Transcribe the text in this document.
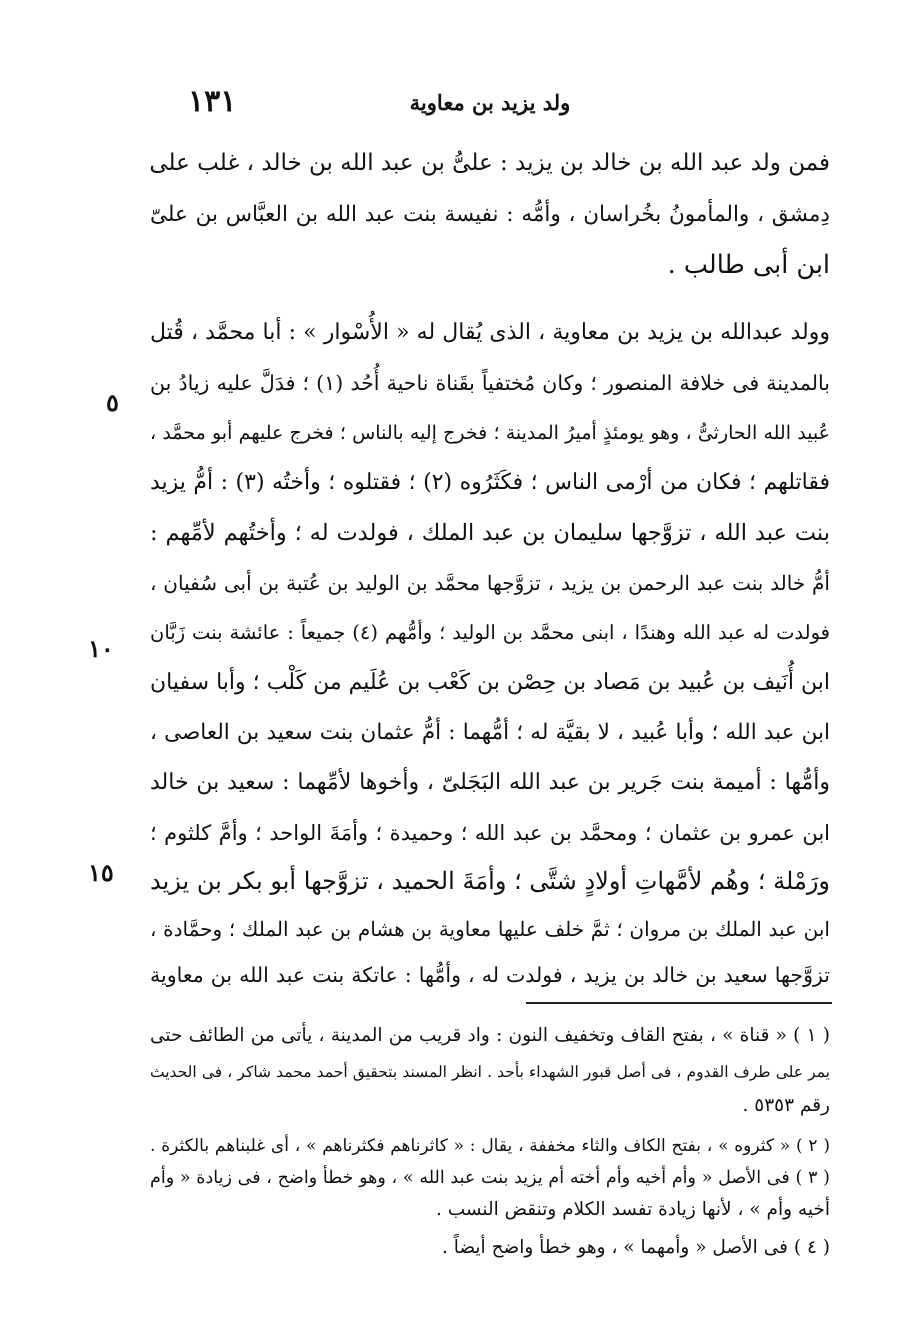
١٣١	ولد يزيد بن معاوية
فمن ولد عبد الله بن خالد بن يزيد : علىُّ بن عبد الله بن خالد ، غلب على
دِمشق ، والمأمونُ بخُراسان ، وأمُّه : نفيسة بنت عبد الله بن العبَّاس بن علىّ
ابن أبى طالب .
وولد عبدالله بن يزيد بن معاوية ، الذى يُقال له « الأُسْوار » : أبا محمَّد ، قُتل
بالمدينة فى خلافة المنصور ؛ وكان مُختفياً بقَناة ناحية أُحُد (١) ؛ فدَلَّ عليه زيادُ بن
عُبيد الله الحارثىُّ ، وهو يومئذٍ أميرُ المدينة ؛ فخرج إليه بالناس ؛ فخرج عليهم أبو محمَّد ،
فقاتلهم ؛ فكان من أرْمى الناس ؛ فكَثَرُوه (٢) ؛ فقتلوه ؛ وأختُه (٣) : أمُّ يزيد
بنت عبد الله ، تزوَّجها سليمان بن عبد الملك ، فولدت له ؛ وأختُهم لأمِّهم :
أمُّ خالد بنت عبد الرحمن بن يزيد ، تزوَّجها محمَّد بن الوليد بن عُتبة بن أبى سُفيان ،
فولدت له عبد الله وهندًا ، ابنى محمَّد بن الوليد ؛ وأمُّهم (٤) جميعاً : عائشة بنت زَبَّان
ابن أُنَيف بن عُبيد بن مَصاد بن حِصْن بن كَعْب بن عُلَيم من كَلْب ؛ وأبا سفيان
ابن عبد الله ؛ وأبا عُبيد ، لا بقيَّة له ؛ أمُّهما : أمُّ عثمان بنت سعيد بن العاصى ،
وأمُّها : أميمة بنت جَرير بن عبد الله البَجَلىّ ، وأخوها لأمِّهما : سعيد بن خالد
ابن عمرو بن عثمان ؛ ومحمَّد بن عبد الله ؛ وحميدة ؛ وأمَةَ الواحد ؛ وأمَّ كلثوم ؛
ورَمْلة ؛ وهُم لأمَّهاتِ أولادٍ شتَّى ؛ وأمَةَ الحميد ، تزوَّجها أبو بكر بن يزيد
ابن عبد الملك بن مروان ؛ ثمَّ خلف عليها معاوية بن هشام بن عبد الملك ؛ وحمَّادة ،
تزوَّجها سعيد بن خالد بن يزيد ، فولدت له ، وأمُّها : عاتكة بنت عبد الله بن معاوية
٥
١٠
١٥
( ١ ) « قناة » ، بفتح القاف وتخفيف النون : واد قريب من المدينة ، يأتى من الطائف حتى
يمر على طرف القدوم ، فى أصل قبور الشهداء بأحد . انظر المسند بتحقيق أحمد محمد شاكر ، فى الحديث
رقم ٥٣٥٣ .
( ٢ ) « كثروه » ، بفتح الكاف والثاء مخففة ، يقال : « كاثرناهم فكثرناهم » ، أى غلبناهم بالكثرة .
( ٣ ) فى الأصل « وأم أخيه وأم أخته أم يزيد بنت عبد الله » ، وهو خطأ واضح ، فى زيادة « وأم
أخيه وأم » ، لأنها زيادة تفسد الكلام وتنقض النسب .
( ٤ ) فى الأصل « وأمهما » ، وهو خطأ واضح أيضاً .
